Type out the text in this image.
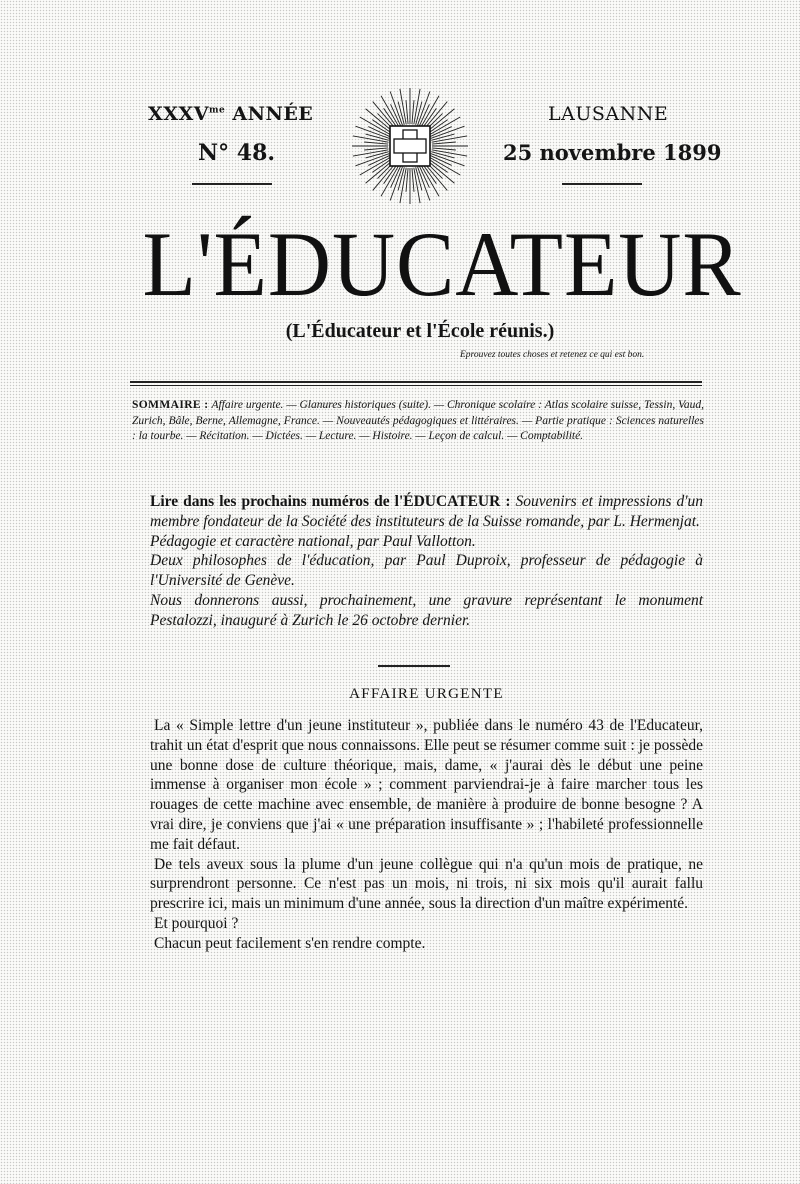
$XXXV^{me}$ ANNÉE
N° 48.
LAUSANNE
25 novembre 1899
L'ÉDUCATEUR
(L'Éducateur et l'École réunis.)
Eprouvez toutes choses et retenez ce qui est bon.
SOMMAIRE : Affaire urgente. — Glanures historiques (suite). — Chronique scolaire : Atlas scolaire suisse, Tessin, Vaud, Zurich, Bâle, Berne, Allemagne, France. — Nouveautés pédagogiques et littéraires. — Partie pratique : Sciences naturelles : la tourbe. — Récitation. — Dictées. — Lecture. — Histoire. — Leçon de calcul. — Comptabilité.

Lire dans les prochains numéros de l'ÉDUCATEUR : Souvenirs et impressions d'un membre fondateur de la Société des instituteurs de la Suisse romande, par L. Hermenjat.

Pédagogie et caractère national, par Paul Vallotton.

Deux philosophes de l'éducation, par Paul Duproix, professeur de pédagogie à l'Université de Genève.

Nous donnerons aussi, prochainement, une gravure représentant le monument Pestalozzi, inauguré à Zurich le 26 octobre dernier.

AFFAIRE URGENTE

La « Simple lettre d'un jeune instituteur », publiée dans le numéro 43 de l'Educateur, trahit un état d'esprit que nous connaissons. Elle peut se résumer comme suit : je possède une bonne dose de culture théorique, mais, dame, « j'aurai dès le début une peine immense à organiser mon école » ; comment parviendrai-je à faire marcher tous les rouages de cette machine avec ensemble, de manière à produire de bonne besogne ? A vrai dire, je conviens que j'ai « une préparation insuffisante » ; l'habileté professionnelle me fait défaut.

De tels aveux sous la plume d'un jeune collègue qui n'a qu'un mois de pratique, ne surprendront personne. Ce n'est pas un mois, ni trois, ni six mois qu'il aurait fallu prescrire ici, mais un minimum d'une année, sous la direction d'un maître expérimenté.

Et pourquoi ?

Chacun peut facilement s'en rendre compte.
